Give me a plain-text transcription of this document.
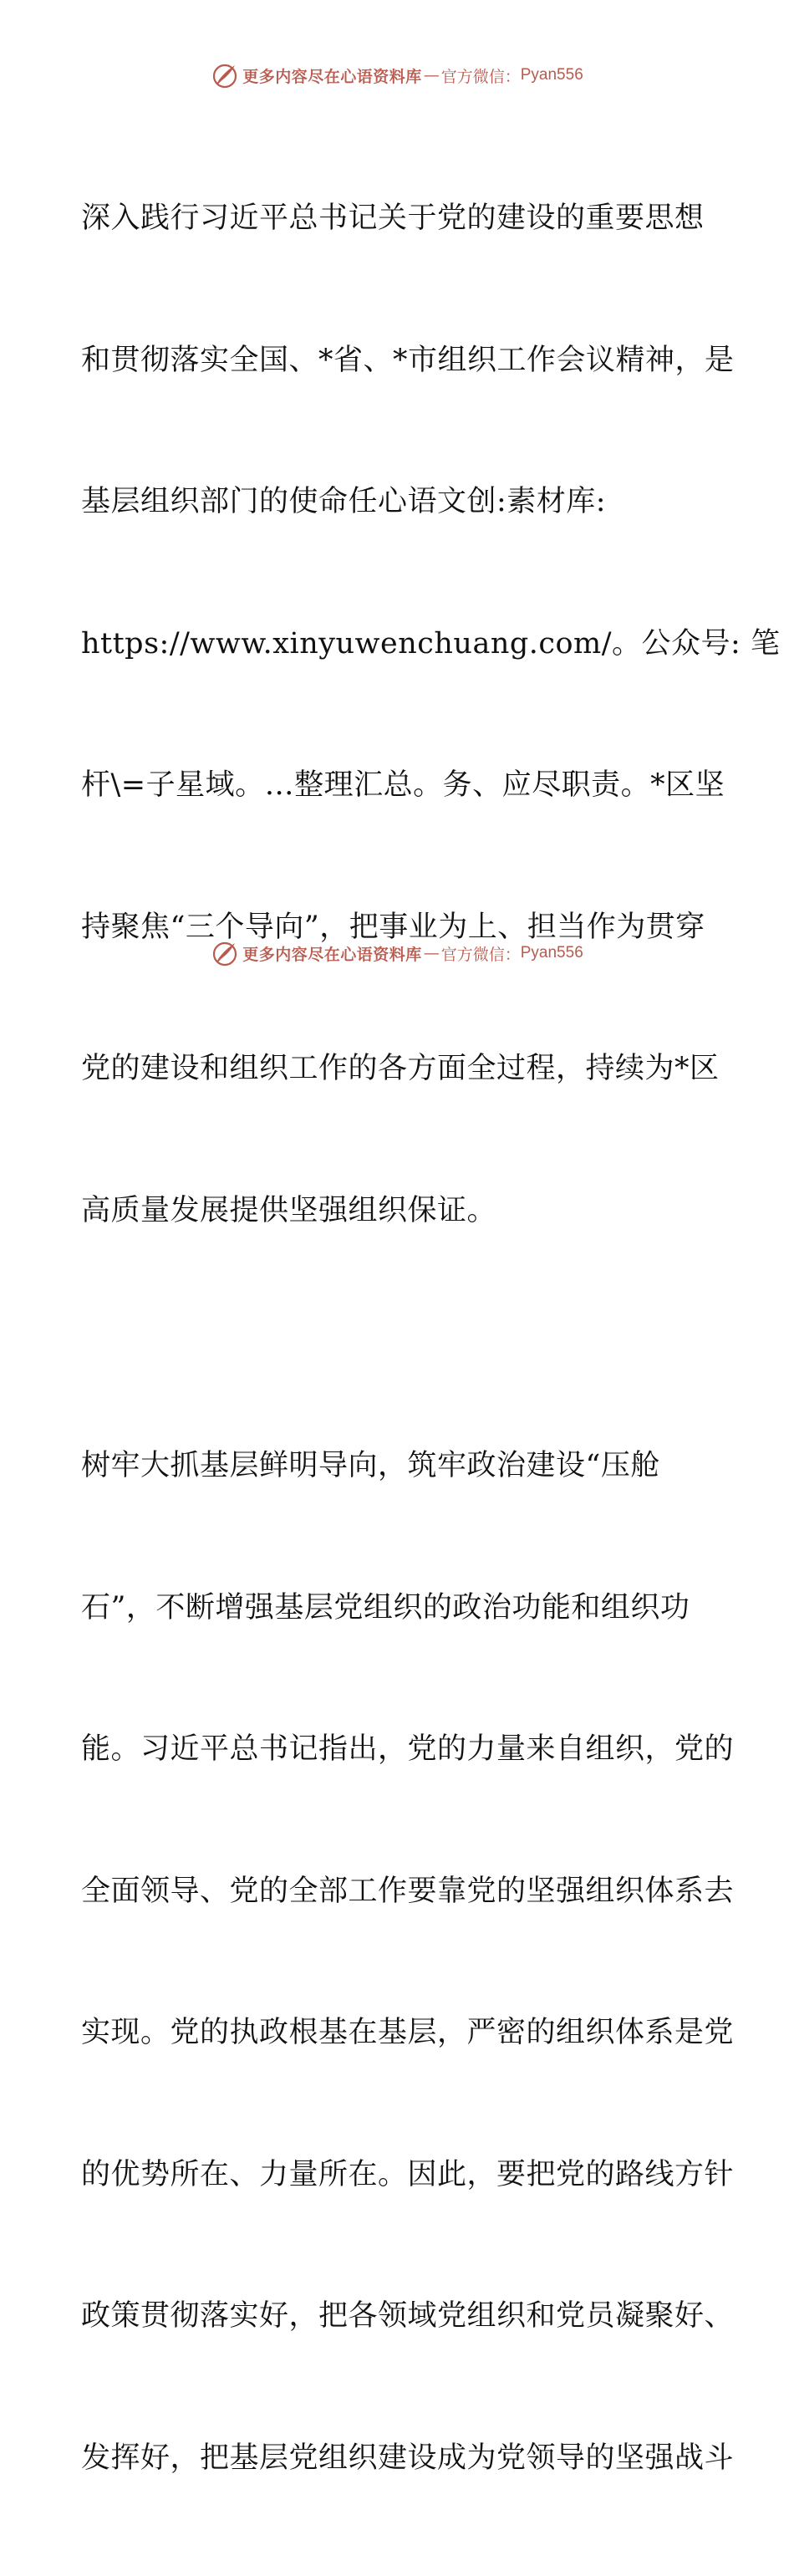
更多内容尽在心语资料库 — 官方微信： Pyan556

深入践行习近平总书记关于党的建设的重要思想

和贯彻落实全国、*省、*市组织工作会议精神，是

基层组织部门的使命任心语文创:素材库:

https://www.xinyuwenchuang.com/。公众号: 笔

杆\=子星域。…整理汇总。务、应尽职责。*区坚

持聚焦“三个导向”，把事业为上、担当作为贯穿

党的建设和组织工作的各方面全过程，持续为*区

高质量发展提供坚强组织保证。

树牢大抓基层鲜明导向，筑牢政治建设“压舱

石”，不断增强基层党组织的政治功能和组织功

能。习近平总书记指出，党的力量来自组织，党的

全面领导、党的全部工作要靠党的坚强组织体系去

实现。党的执政根基在基层，严密的组织体系是党

的优势所在、力量所在。因此，要把党的路线方针

政策贯彻落实好，把各领域党组织和党员凝聚好、

发挥好，把基层党组织建设成为党领导的坚强战斗

更多内容尽在心语资料库 — 官方微信： Pyan556
